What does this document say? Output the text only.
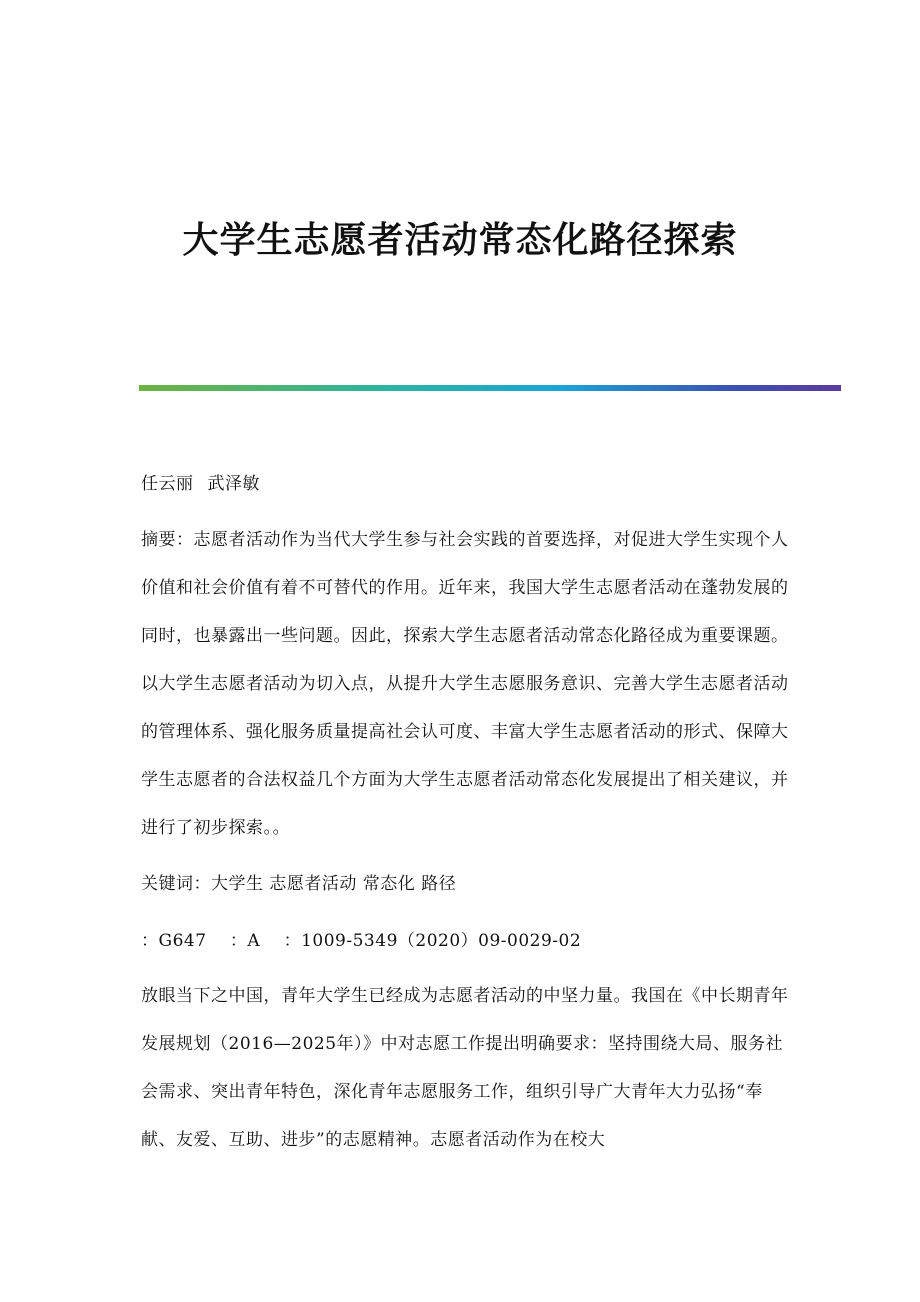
大学生志愿者活动常态化路径探索
任云丽 武泽敏
摘要：志愿者活动作为当代大学生参与社会实践的首要选择，对促进大学生实现个人价值和社会价值有着不可替代的作用。近年来，我国大学生志愿者活动在蓬勃发展的同时，也暴露出一些问题。因此，探索大学生志愿者活动常态化路径成为重要课题。以大学生志愿者活动为切入点，从提升大学生志愿服务意识、完善大学生志愿者活动的管理体系、强化服务质量提高社会认可度、丰富大学生志愿者活动的形式、保障大学生志愿者的合法权益几个方面为大学生志愿者活动常态化发展提出了相关建议，并进行了初步探索。。
关键词：大学生 志愿者活动 常态化 路径
：G647　 ：A　 ：1009-5349（2020）09-0029-02
放眼当下之中国，青年大学生已经成为志愿者活动的中坚力量。我国在《中长期青年发展规划（2016—2025年）》中对志愿工作提出明确要求：坚持围绕大局、服务社会需求、突出青年特色，深化青年志愿服务工作，组织引导广大青年大力弘扬“奉献、友爱、互助、进步”的志愿精神。志愿者活动作为在校大
